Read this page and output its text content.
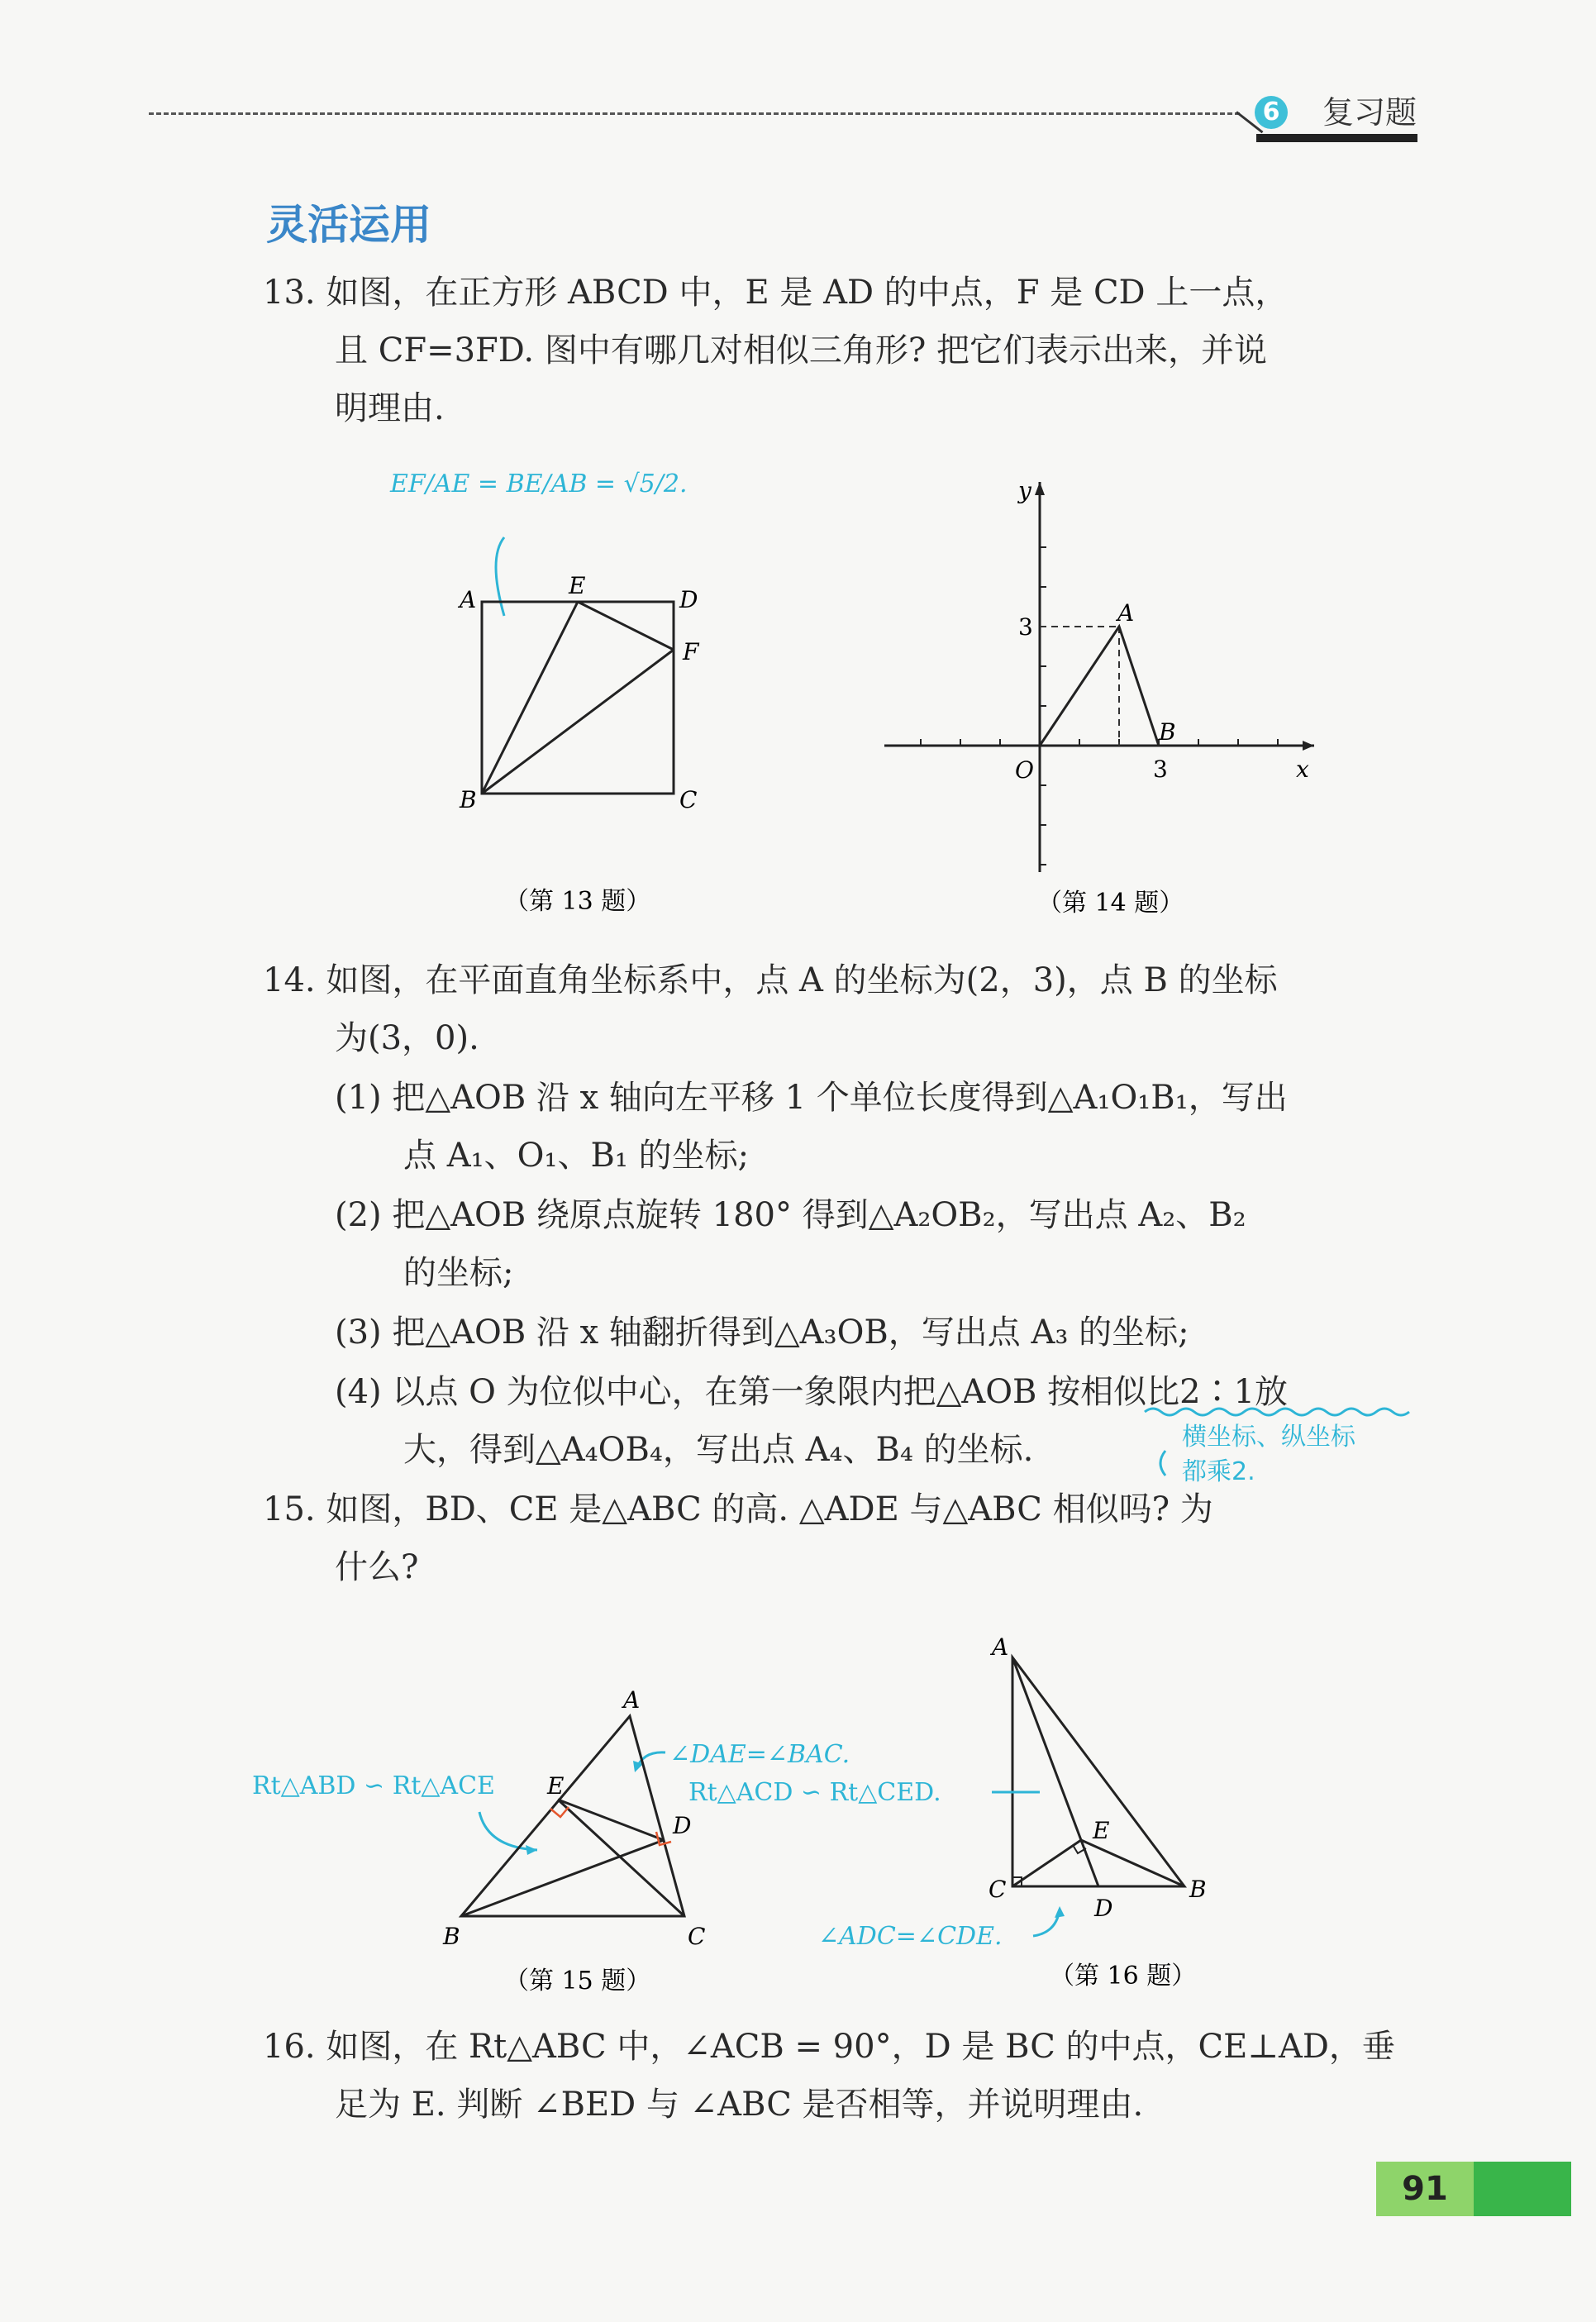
6 复习题
灵活运用
13. 如图，在正方形 ABCD 中，E 是 AD 的中点，F 是 CD 上一点，
且 CF=3FD. 图中有哪几对相似三角形? 把它们表示出来，并说
明理由.
EF/AE = BE/AB = √5/2.
A
E
D
F
B	C
（第 13 题）
y
x
O
A
B
3
3
（第 14 题）
14. 如图，在平面直角坐标系中，点 A 的坐标为(2，3)，点 B 的坐标
为(3，0).
(1) 把△AOB 沿 x 轴向左平移 1 个单位长度得到△A₁O₁B₁，写出
点 A₁、O₁、B₁ 的坐标;
(2) 把△AOB 绕原点旋转 180° 得到△A₂OB₂，写出点 A₂、B₂
的坐标;
(3) 把△AOB 沿 x 轴翻折得到△A₃OB，写出点 A₃ 的坐标;
(4) 以点 O 为位似中心，在第一象限内把△AOB 按相似比2∶1放
大，得到△A₄OB₄，写出点 A₄、B₄ 的坐标.	横坐标、纵坐标
都乘2.
15. 如图，BD、CE 是△ABC 的高. △ADE 与△ABC 相似吗? 为
什么?
Rt△ABD ∽ Rt△ACE
∠DAE=∠BAC.
A
E
D
B	C
（第 15 题）
A
E
C
D
B
Rt△ACD ∽ Rt△CED.
∠ADC=∠CDE.
（第 16 题）
16. 如图，在 Rt△ABC 中，∠ACB = 90°，D 是 BC 的中点，CE⊥AD，垂
足为 E. 判断 ∠BED 与 ∠ABC 是否相等，并说明理由.
91
